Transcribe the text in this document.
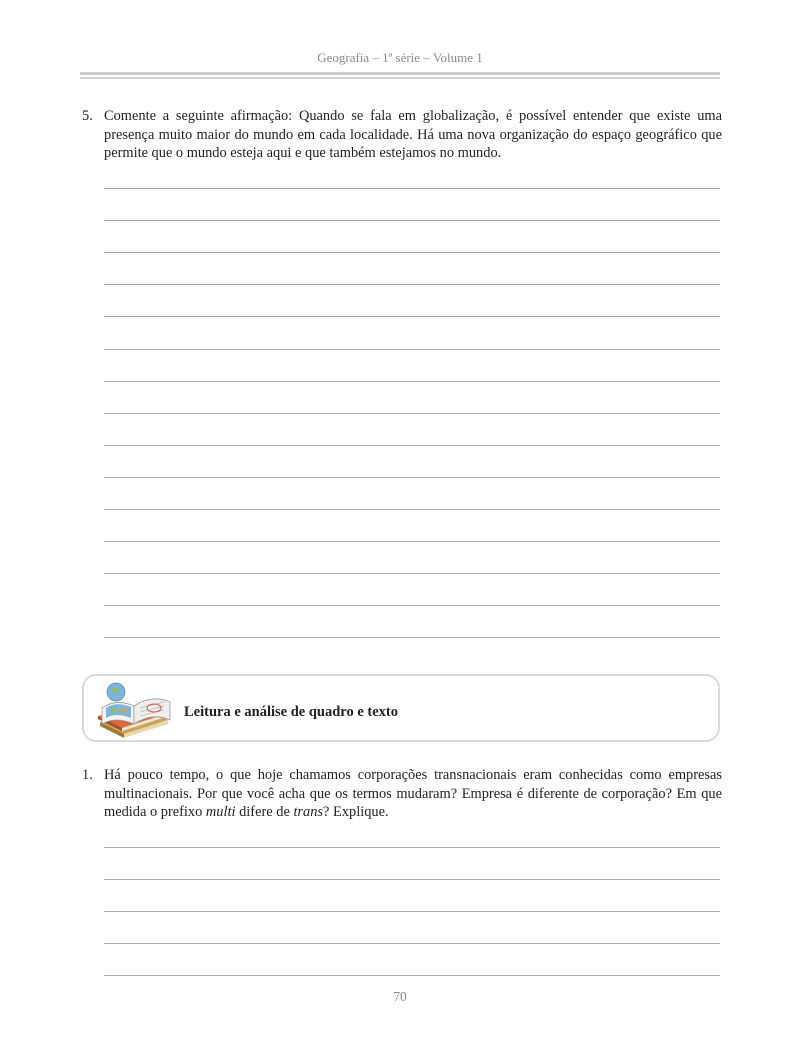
Geografia – 1ª série – Volume 1
5. Comente a seguinte afirmação: Quando se fala em globalização, é possível entender que existe uma presença muito maior do mundo em cada localidade. Há uma nova organização do espaço geográfico que permite que o mundo esteja aqui e que também estejamos no mundo.
Leitura e análise de quadro e texto
1. Há pouco tempo, o que hoje chamamos corporações transnacionais eram conhecidas como empresas multinacionais. Por que você acha que os termos mudaram? Empresa é diferente de corporação? Em que medida o prefixo multi difere de trans? Explique.
70
